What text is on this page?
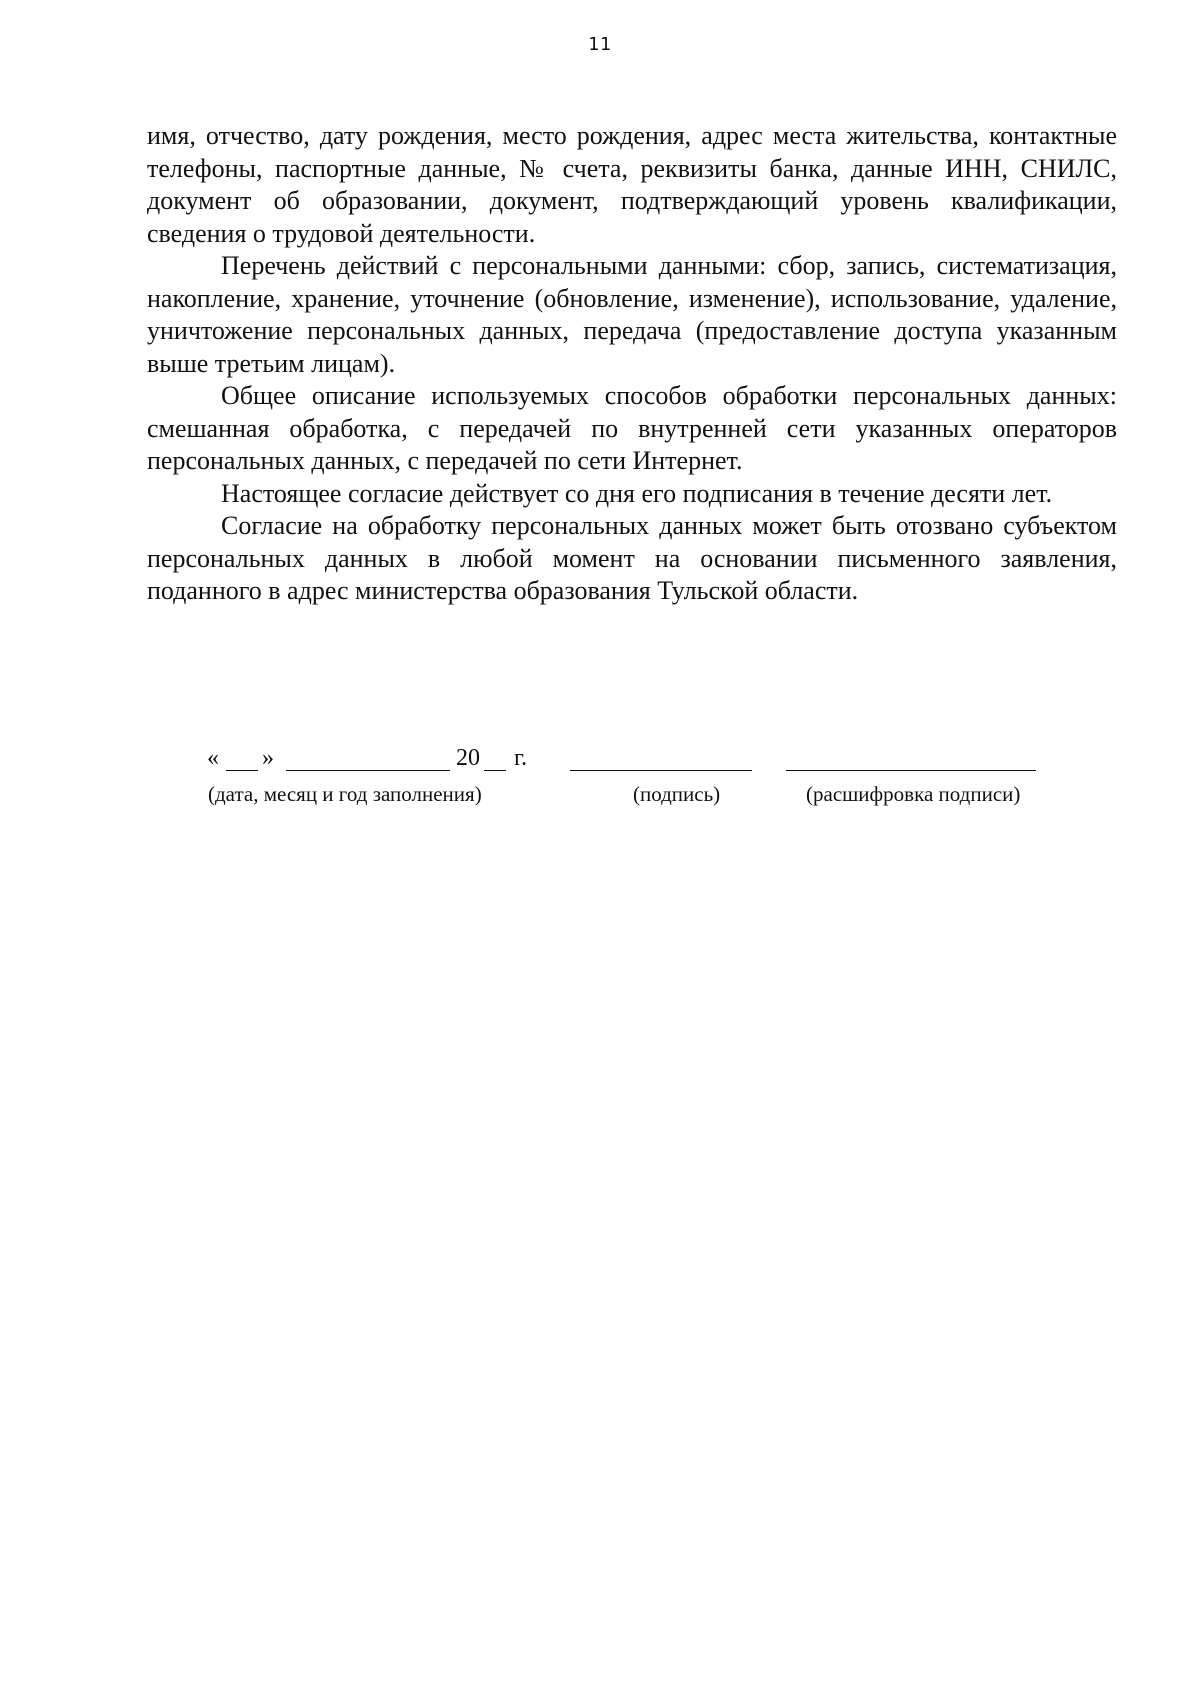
11

имя, отчество, дату рождения, место рождения, адрес места жительства, контактные телефоны, паспортные данные, № счета, реквизиты банка, данные ИНН, СНИЛС, документ об образовании, документ, подтверждающий уровень квалификации, сведения о трудовой деятельности.

Перечень действий с персональными данными: сбор, запись, систематизация, накопление, хранение, уточнение (обновление, изменение), использование, удаление, уничтожение персональных данных, передача (предоставление доступа указанным выше третьим лицам).

Общее описание используемых способов обработки персональных данных: смешанная обработка, с передачей по внутренней сети указанных операторов персональных данных, с передачей по сети Интернет.

Настоящее согласие действует со дня его подписания в течение десяти лет.

Согласие на обработку персональных данных может быть отозвано субъектом персональных данных в любой момент на основании письменного заявления, поданного в адрес министерства образования Тульской области.

« »	20 г.
(дата, месяц и год заполнения)	(подпись)	(расшифровка подписи)
